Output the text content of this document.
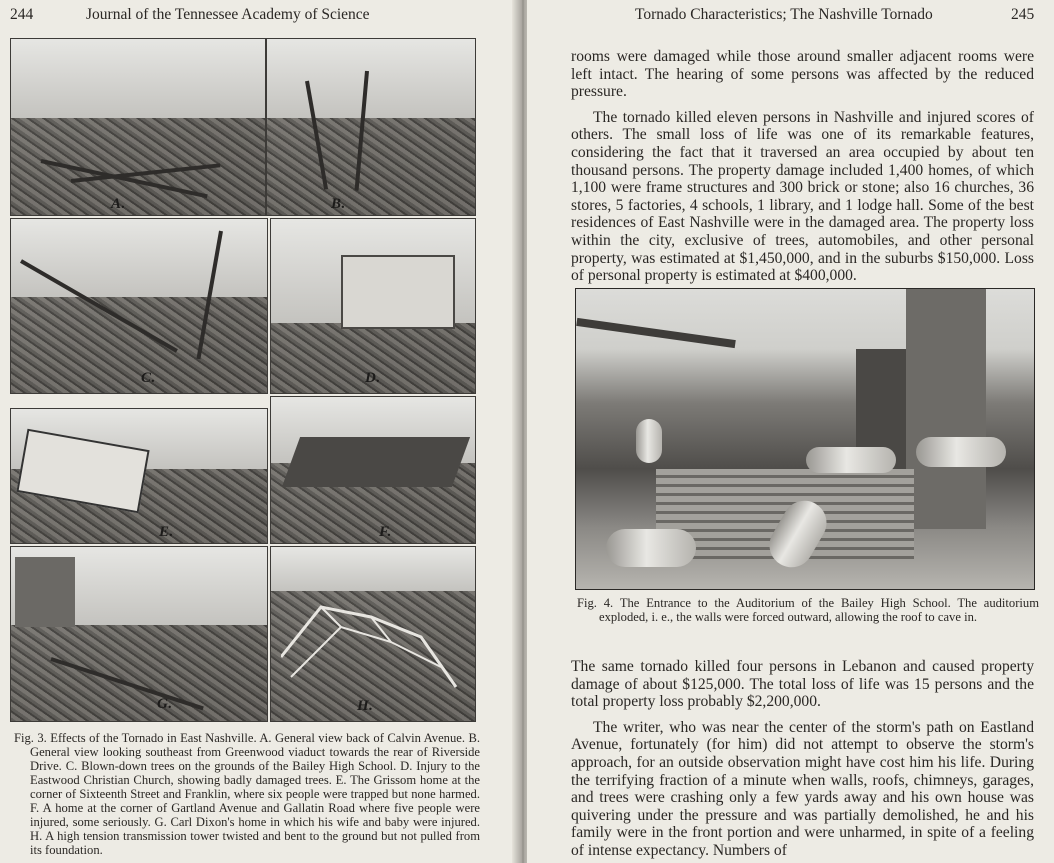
244	Journal of the Tennessee Academy of Science
A.	B.
C.	D.
E.	F.
G.	H.
Fig. 3. Effects of the Tornado in East Nashville. A. General view back of Calvin Avenue. B. General view looking southeast from Greenwood viaduct towards the rear of Riverside Drive. C. Blown-down trees on the grounds of the Bailey High School. D. Injury to the Eastwood Christian Church, showing badly damaged trees. E. The Grissom home at the corner of Sixteenth Street and Franklin, where six people were trapped but none harmed. F. A home at the corner of Gartland Avenue and Gallatin Road where five people were injured, some seriously. G. Carl Dixon's home in which his wife and baby were injured. H. A high tension transmission tower twisted and bent to the ground but not pulled from its foundation.
Tornado Characteristics; The Nashville Tornado	245

rooms were damaged while those around smaller adjacent rooms were left intact. The hearing of some persons was affected by the reduced pressure.

The tornado killed eleven persons in Nashville and injured scores of others. The small loss of life was one of its remarkable features, considering the fact that it traversed an area occupied by about ten thousand persons. The property damage included 1,400 homes, of which 1,100 were frame structures and 300 brick or stone; also 16 churches, 36 stores, 5 factories, 4 schools, 1 library, and 1 lodge hall. Some of the best residences of East Nashville were in the damaged area. The property loss within the city, exclusive of trees, automobiles, and other personal property, was estimated at $1,450,000, and in the suburbs $150,000. Loss of personal property is estimated at $400,000.

Fig. 4. The Entrance to the Auditorium of the Bailey High School. The auditorium exploded, i. e., the walls were forced outward, allowing the roof to cave in.

The same tornado killed four persons in Lebanon and caused property damage of about $125,000. The total loss of life was 15 persons and the total property loss probably $2,200,000.

The writer, who was near the center of the storm's path on Eastland Avenue, fortunately (for him) did not attempt to observe the storm's approach, for an outside observation might have cost him his life. During the terrifying fraction of a minute when walls, roofs, chimneys, garages, and trees were crashing only a few yards away and his own house was quivering under the pressure and was partially demolished, he and his family were in the front portion and were unharmed, in spite of a feeling of intense expectancy. Numbers of
